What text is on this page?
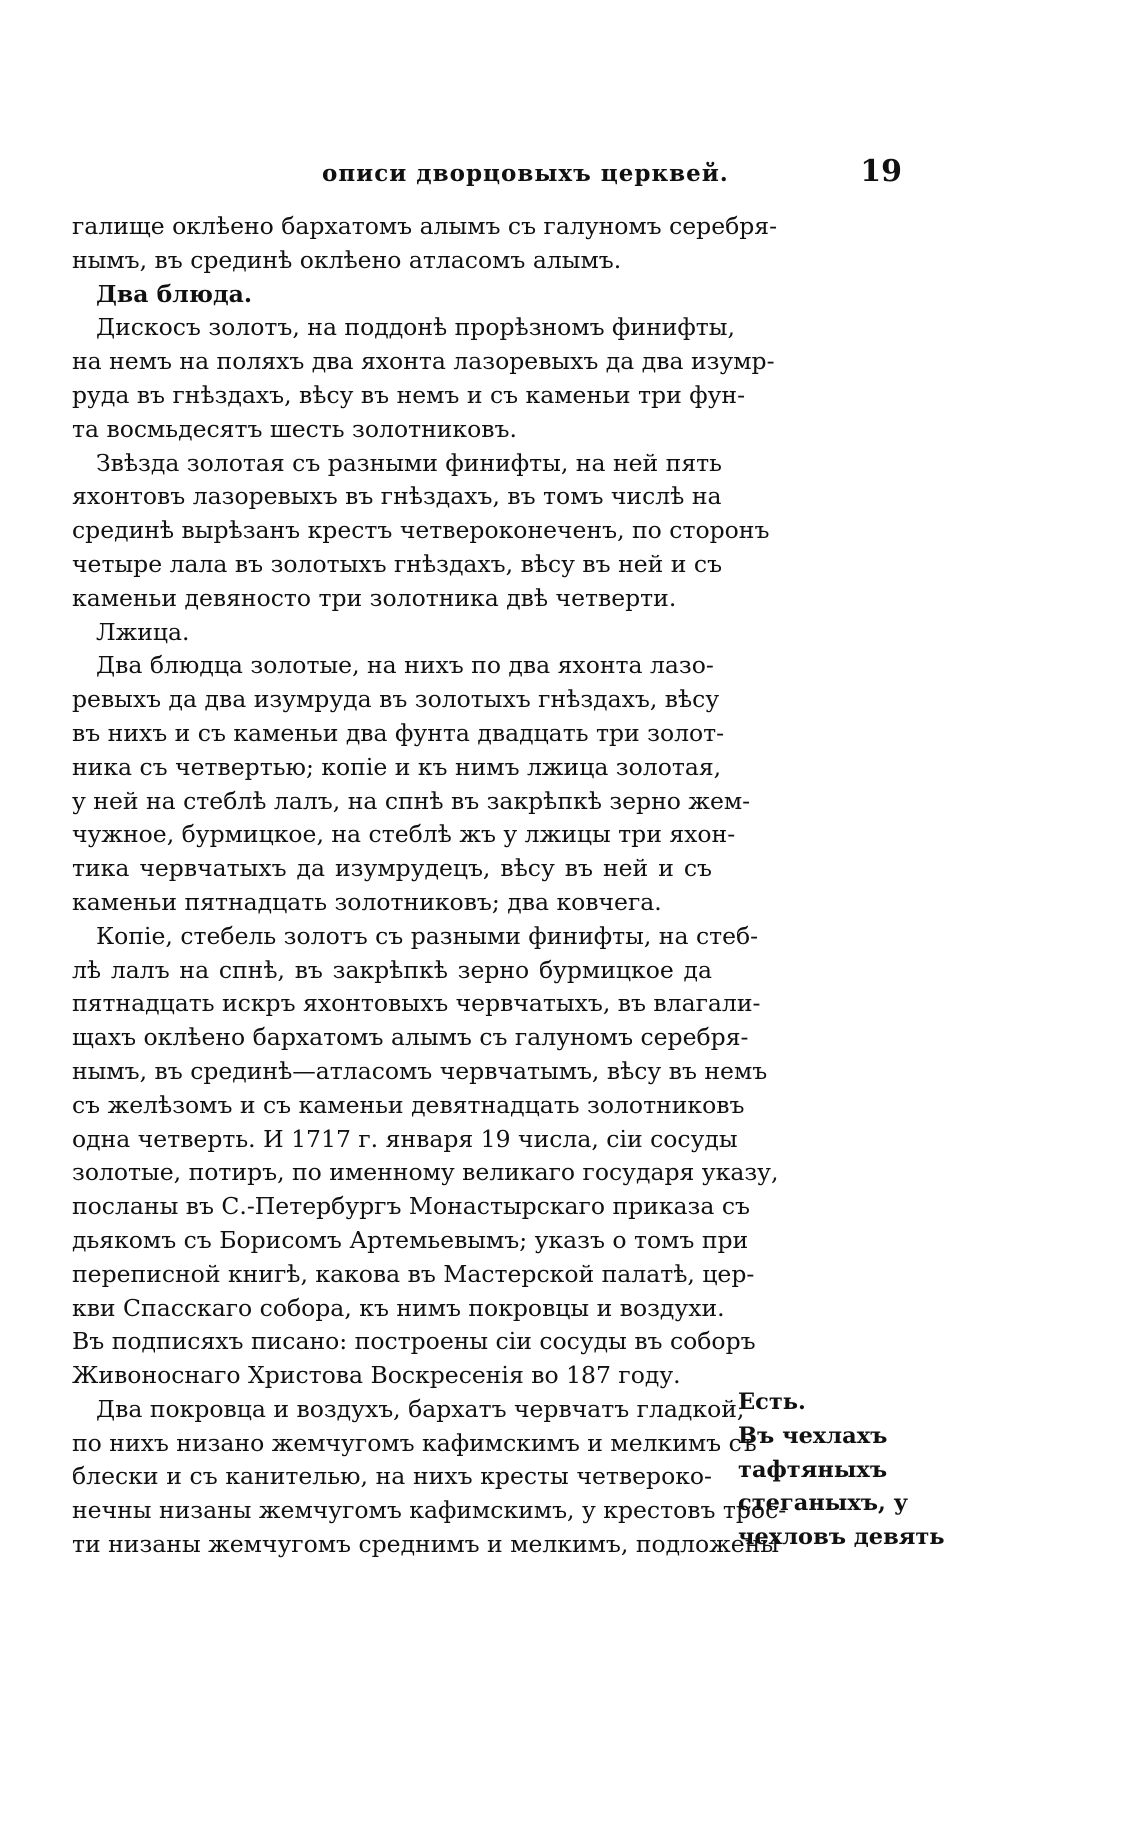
описи дворцовыхъ церквей.	19
галище оклѣено бархатомъ алымъ съ галуномъ серебря-
нымъ, въ срединѣ оклѣено атласомъ алымъ.
Два блюда.
Дискосъ золотъ, на поддонѣ прорѣзномъ финифты,
на немъ на поляхъ два яхонта лазоревыхъ да два изумр-
руда въ гнѣздахъ, вѣсу въ немъ и съ каменьи три фун-
та восмьдесятъ шесть золотниковъ.
Звѣзда золотая съ разными финифты, на ней пять
яхонтовъ лазоревыхъ въ гнѣздахъ, въ томъ числѣ на
срединѣ вырѣзанъ крестъ четвероконеченъ, по сторонъ
четыре лала въ золотыхъ гнѣздахъ, вѣсу въ ней и съ
каменьи девяносто три золотника двѣ четверти.
Лжица.
Два блюдца золотые, на нихъ по два яхонта лазо-
ревыхъ да два изумруда въ золотыхъ гнѣздахъ, вѣсу
въ нихъ и съ каменьи два фунта двадцать три золот-
ника съ четвертью; копіе и къ нимъ лжица золотая,
у ней на стеблѣ лалъ, на спнѣ въ закрѣпкѣ зерно жем-
чужное, бурмицкое, на стеблѣ жъ у лжицы три яхон-
тика червчатыхъ да изумрудецъ, вѣсу въ ней и съ
каменьи пятнадцать золотниковъ; два ковчега.
Копіе, стебель золотъ съ разными финифты, на стеб-
лѣ лалъ на спнѣ, въ закрѣпкѣ зерно бурмицкое да
пятнадцать искръ яхонтовыхъ червчатыхъ, въ влагали-
щахъ оклѣено бархатомъ алымъ съ галуномъ серебря-
нымъ, въ срединѣ—атласомъ червчатымъ, вѣсу въ немъ
съ желѣзомъ и съ каменьи девятнадцать золотниковъ
одна четверть. И 1717 г. января 19 числа, сіи сосуды
золотые, потиръ, по именному великаго государя указу,
посланы въ С.-Петербургъ Монастырскаго приказа съ
дьякомъ съ Борисомъ Артемьевымъ; указъ о томъ при
переписной книгѣ, какова въ Мастерской палатѣ, цер-
кви Спасскаго собора, къ нимъ покровцы и воздухи.
Въ подписяхъ писано: построены сіи сосуды въ соборъ
Живоноснаго Христова Воскресенія во 187 году.
Два покровца и воздухъ, бархатъ червчатъ гладкой,
по нихъ низано жемчугомъ кафимскимъ и мелкимъ съ
блески и съ канителью, на нихъ кресты четвероко-
нечны низаны жемчугомъ кафимскимъ, у крестовъ трос-
ти низаны жемчугомъ среднимъ и мелкимъ, подложены
Есть.
Въ чехлахъ
тафтяныхъ
стеганыхъ, у
чехловъ девять
